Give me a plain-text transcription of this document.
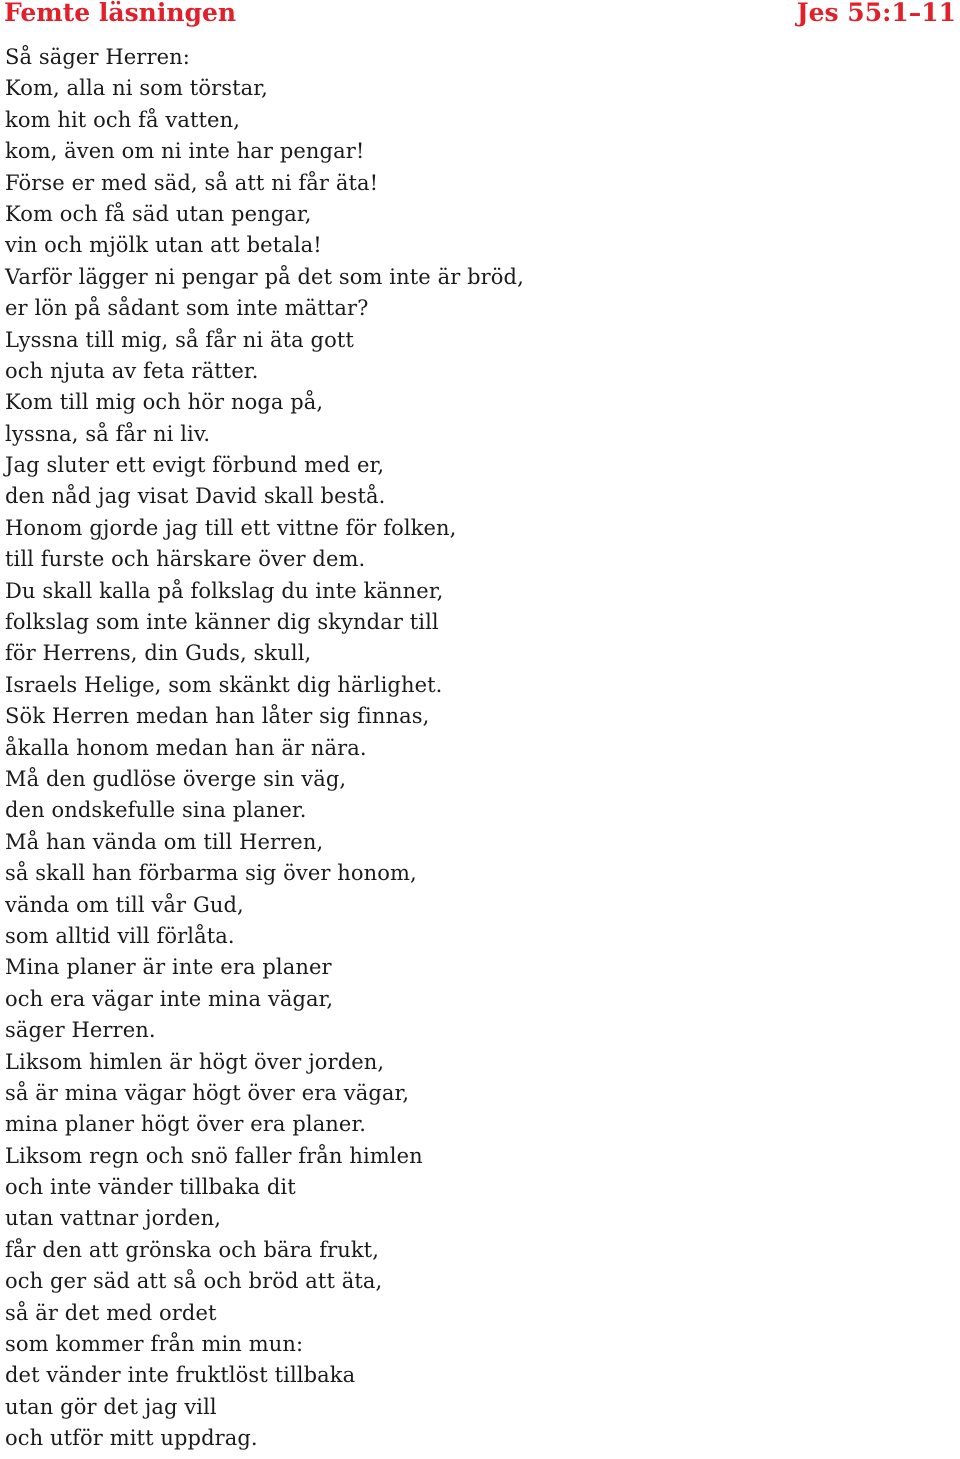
Femte läsningen	Jes 55:1–11
Så säger Herren:
Kom, alla ni som törstar,
kom hit och få vatten,
kom, även om ni inte har pengar!
Förse er med säd, så att ni får äta!
Kom och få säd utan pengar,
vin och mjölk utan att betala!
Varför lägger ni pengar på det som inte är bröd,
er lön på sådant som inte mättar?
Lyssna till mig, så får ni äta gott
och njuta av feta rätter.
Kom till mig och hör noga på,
lyssna, så får ni liv.
Jag sluter ett evigt förbund med er,
den nåd jag visat David skall bestå.
Honom gjorde jag till ett vittne för folken,
till furste och härskare över dem.
Du skall kalla på folkslag du inte känner,
folkslag som inte känner dig skyndar till
för Herrens, din Guds, skull,
Israels Helige, som skänkt dig härlighet.
Sök Herren medan han låter sig finnas,
åkalla honom medan han är nära.
Må den gudlöse överge sin väg,
den ondskefulle sina planer.
Må han vända om till Herren,
så skall han förbarma sig över honom,
vända om till vår Gud,
som alltid vill förlåta.
Mina planer är inte era planer
och era vägar inte mina vägar,
säger Herren.
Liksom himlen är högt över jorden,
så är mina vägar högt över era vägar,
mina planer högt över era planer.
Liksom regn och snö faller från himlen
och inte vänder tillbaka dit
utan vattnar jorden,
får den att grönska och bära frukt,
och ger säd att så och bröd att äta,
så är det med ordet
som kommer från min mun:
det vänder inte fruktlöst tillbaka
utan gör det jag vill
och utför mitt uppdrag.
